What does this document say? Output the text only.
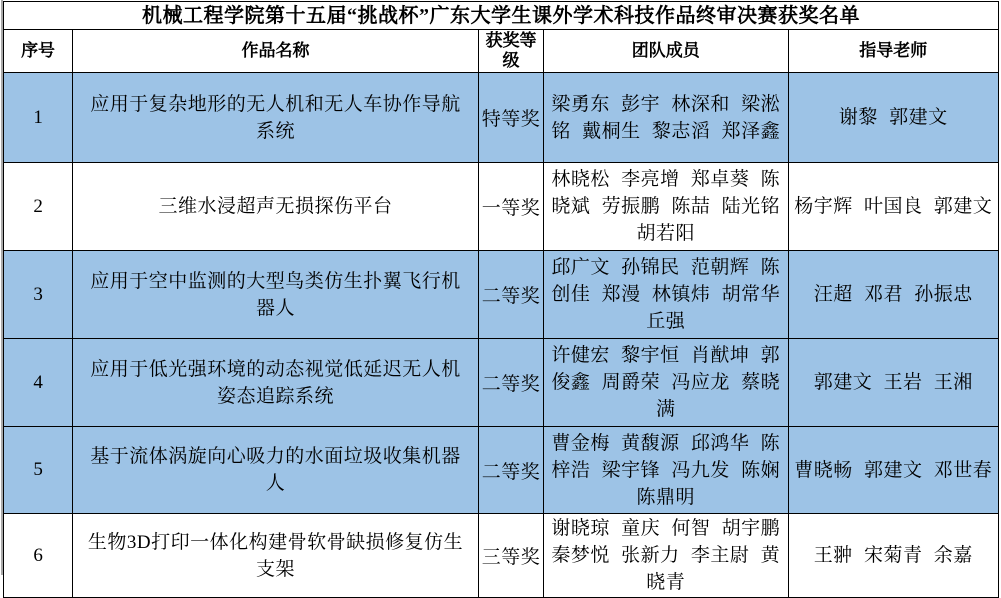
机械工程学院第十五届“挑战杯”广东大学生课外学术科技作品终审决赛获奖名单				
序号	作品名称	获奖等级	团队成员	指导老师
1	应用于复杂地形的无人机和无人车协作导航系统	特等奖	梁勇东 彭宇 林深和 梁淞铭 戴桐生 黎志滔 郑泽鑫	谢黎 郭建文
2	三维水浸超声无损探伤平台	一等奖	林晓松 李亮增 郑卓葵 陈晓斌 劳振鹏 陈喆 陆光铭 胡若阳	杨宇辉 叶国良 郭建文
3	应用于空中监测的大型鸟类仿生扑翼飞行机器人	二等奖	邱广文 孙锦民 范朝辉 陈创佳 郑漫 林镇炜 胡常华 丘强	汪超 邓君 孙振忠
4	应用于低光强环境的动态视觉低延迟无人机姿态追踪系统	二等奖	许健宏 黎宇恒 肖猷坤 郭俊鑫 周爵荣 冯应龙 蔡晓满	郭建文 王岩 王湘
5	基于流体涡旋向心吸力的水面垃圾收集机器人	二等奖	曹金梅 黄馥源 邱鸿华 陈梓浩 梁宇锋 冯九发 陈娴 陈鼎明	曹晓畅 郭建文 邓世春
6	生物3D打印一体化构建骨软骨缺损修复仿生支架	三等奖	谢晓琼 童庆 何智 胡宇鹏 秦梦悦 张新力 李主尉 黄晓青	王翀 宋菊青 余嘉
